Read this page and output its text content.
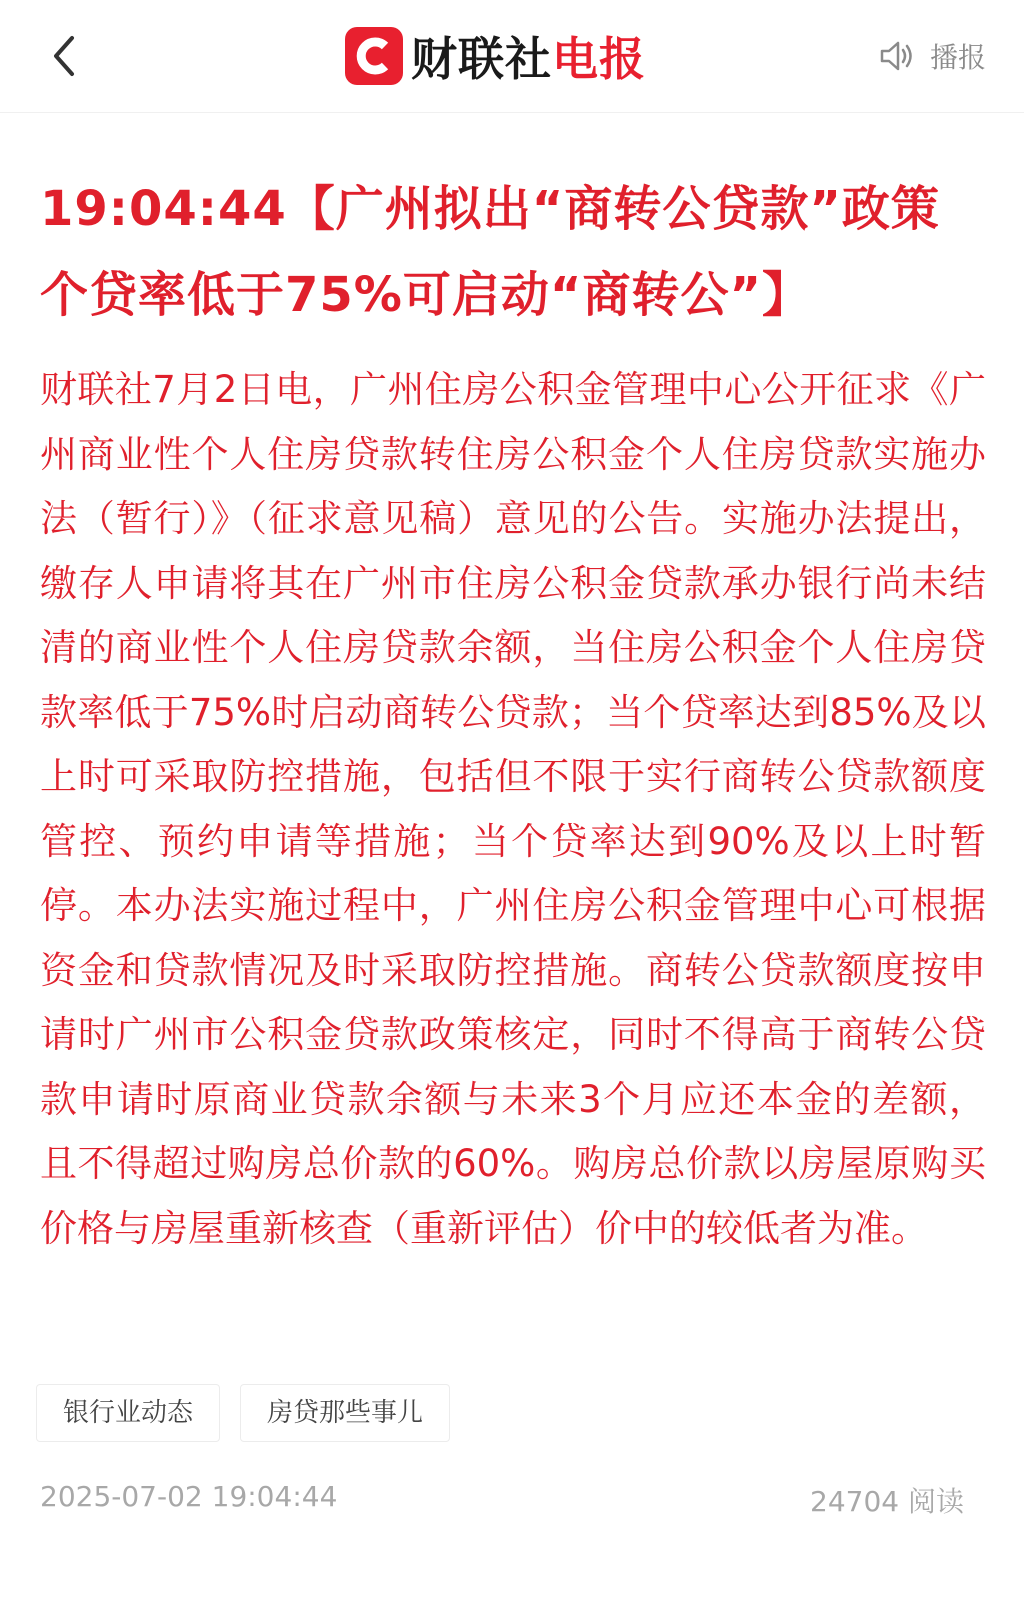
财联社 电报	播报
19:04:44【广州拟出“商转公贷款”政策 个贷率低于75%可启动“商转公”】

财联社7月2日电，广州住房公积金管理中心公开征求《广州商业性个人住房贷款转住房公积金个人住房贷款实施办法（暂行）》（征求意见稿）意见的公告。实施办法提出，缴存人申请将其在广州市住房公积金贷款承办银行尚未结清的商业性个人住房贷款余额，当住房公积金个人住房贷款率低于75%时启动商转公贷款；当个贷率达到85%及以上时可采取防控措施，包括但不限于实行商转公贷款额度管控、预约申请等措施；当个贷率达到90%及以上时暂停。本办法实施过程中，广州住房公积金管理中心可根据资金和贷款情况及时采取防控措施。商转公贷款额度按申请时广州市公积金贷款政策核定，同时不得高于商转公贷款申请时原商业贷款余额与未来3个月应还本金的差额，且不得超过购房总价款的60%。购房总价款以房屋原购买价格与房屋重新核查（重新评估）价中的较低者为准。

银行业动态	房贷那些事儿
2025-07-02 19:04:44	24704 阅读
